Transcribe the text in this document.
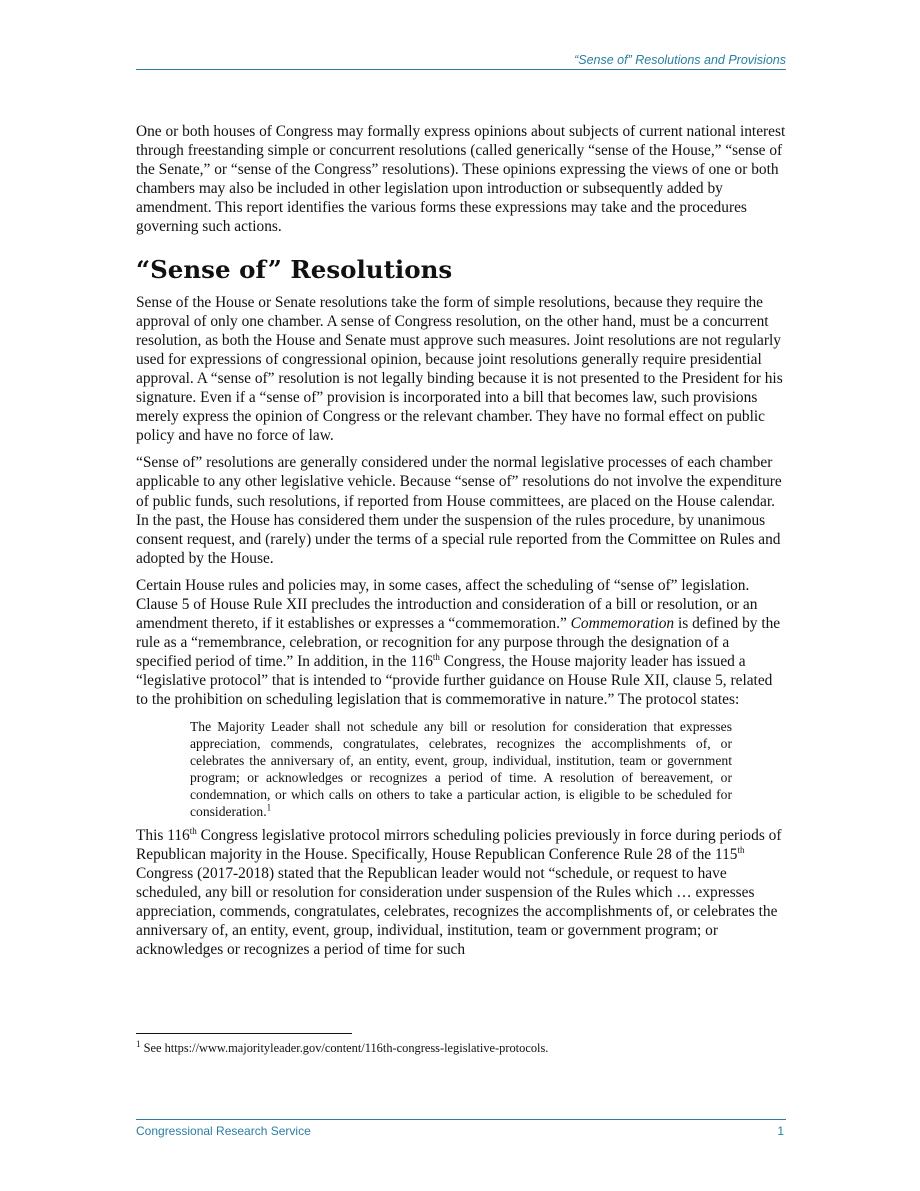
“Sense of” Resolutions and Provisions

One or both houses of Congress may formally express opinions about subjects of current national interest through freestanding simple or concurrent resolutions (called generically “sense of the House,” “sense of the Senate,” or “sense of the Congress” resolutions). These opinions expressing the views of one or both chambers may also be included in other legislation upon introduction or subsequently added by amendment. This report identifies the various forms these expressions may take and the procedures governing such actions.

“Sense of” Resolutions

Sense of the House or Senate resolutions take the form of simple resolutions, because they require the approval of only one chamber. A sense of Congress resolution, on the other hand, must be a concurrent resolution, as both the House and Senate must approve such measures. Joint resolutions are not regularly used for expressions of congressional opinion, because joint resolutions generally require presidential approval. A “sense of” resolution is not legally binding because it is not presented to the President for his signature. Even if a “sense of” provision is incorporated into a bill that becomes law, such provisions merely express the opinion of Congress or the relevant chamber. They have no formal effect on public policy and have no force of law.

“Sense of” resolutions are generally considered under the normal legislative processes of each chamber applicable to any other legislative vehicle. Because “sense of” resolutions do not involve the expenditure of public funds, such resolutions, if reported from House committees, are placed on the House calendar. In the past, the House has considered them under the suspension of the rules procedure, by unanimous consent request, and (rarely) under the terms of a special rule reported from the Committee on Rules and adopted by the House.

Certain House rules and policies may, in some cases, affect the scheduling of “sense of” legislation. Clause 5 of House Rule XII precludes the introduction and consideration of a bill or resolution, or an amendment thereto, if it establishes or expresses a “commemoration.” Commemoration is defined by the rule as a “remembrance, celebration, or recognition for any purpose through the designation of a specified period of time.” In addition, in the 116th Congress, the House majority leader has issued a “legislative protocol” that is intended to “provide further guidance on House Rule XII, clause 5, related to the prohibition on scheduling legislation that is commemorative in nature.” The protocol states:

The Majority Leader shall not schedule any bill or resolution for consideration that expresses appreciation, commends, congratulates, celebrates, recognizes the accomplishments of, or celebrates the anniversary of, an entity, event, group, individual, institution, team or government program; or acknowledges or recognizes a period of time. A resolution of bereavement, or condemnation, or which calls on others to take a particular action, is eligible to be scheduled for consideration.$^1$

This 116th Congress legislative protocol mirrors scheduling policies previously in force during periods of Republican majority in the House. Specifically, House Republican Conference Rule 28 of the 115th Congress (2017-2018) stated that the Republican leader would not “schedule, or request to have scheduled, any bill or resolution for consideration under suspension of the Rules which … expresses appreciation, commends, congratulates, celebrates, recognizes the accomplishments of, or celebrates the anniversary of, an entity, event, group, individual, institution, team or government program; or acknowledges or recognizes a period of time for such

$^1$ See https://www.majorityleader.gov/content/116th-congress-legislative-protocols.
Congressional Research Service	1
